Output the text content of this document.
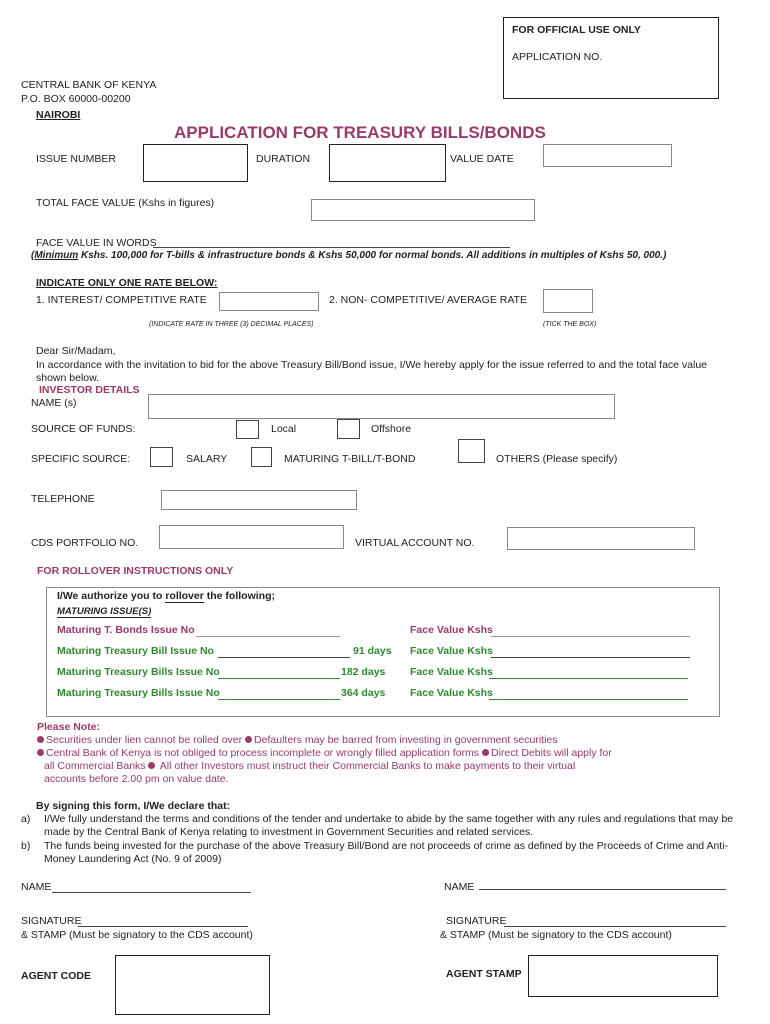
FOR OFFICIAL USE ONLY
APPLICATION NO.
CENTRAL BANK OF KENYA
P.O. BOX 60000-00200
NAIROBI
APPLICATION FOR TREASURY BILLS/BONDS
ISSUE NUMBER	DURATION	VALUE DATE
TOTAL FACE VALUE (Kshs in figures)
FACE VALUE IN WORDS
(Minimum Kshs. 100,000 for T-bills & infrastructure bonds & Kshs 50,000 for normal bonds. All additions in multiples of Kshs 50, 000.)
INDICATE ONLY ONE RATE BELOW:
1. INTEREST/ COMPETITIVE RATE	2. NON- COMPETITIVE/ AVERAGE RATE
(INDICATE RATE IN THREE (3) DECIMAL PLACES)	(TICK THE BOX)
Dear Sir/Madam,
In accordance with the invitation to bid for the above Treasury Bill/Bond issue, I/We hereby apply for the issue referred to and the total face value shown below.
INVESTOR DETAILS
NAME (s)
SOURCE OF FUNDS:	Local	Offshore
SPECIFIC SOURCE:	SALARY	MATURING T-BILL/T-BOND	OTHERS (Please specify)
TELEPHONE
CDS PORTFOLIO NO.	VIRTUAL ACCOUNT NO.
FOR ROLLOVER INSTRUCTIONS ONLY
I/We authorize you to rollover the following;
MATURING ISSUE(S)
Maturing T. Bonds Issue No	Face Value Kshs
Maturing Treasury Bill Issue No	91 days Face Value Kshs
Maturing Treasury Bills Issue No	182 days Face Value Kshs
Maturing Treasury Bills Issue No	364 days Face Value Kshs
Please Note:
Securities under lien cannot be rolled over Defaulters may be barred from investing in government securities
Central Bank of Kenya is not obliged to process incomplete or wrongly filled application forms Direct Debits will apply for
all Commercial Banks  All other Investors must instruct their Commercial Banks to make payments to their virtual
accounts before 2.00 pm on value date.
By signing this form, I/We declare that:
a) I/We fully understand the terms and conditions of the tender and undertake to abide by the same together with any rules and regulations that may be made by the Central Bank of Kenya relating to investment in Government Securities and related services.
b) The funds being invested for the purchase of the above Treasury Bill/Bond are not proceeds of crime as defined by the Proceeds of Crime and Anti- Money Laundering Act (No. 9 of 2009)
NAME	NAME
SIGNATURE
& STAMP (Must be signatory to the CDS account)
SIGNATURE
& STAMP (Must be signatory to the CDS account)
AGENT CODE	AGENT STAMP
